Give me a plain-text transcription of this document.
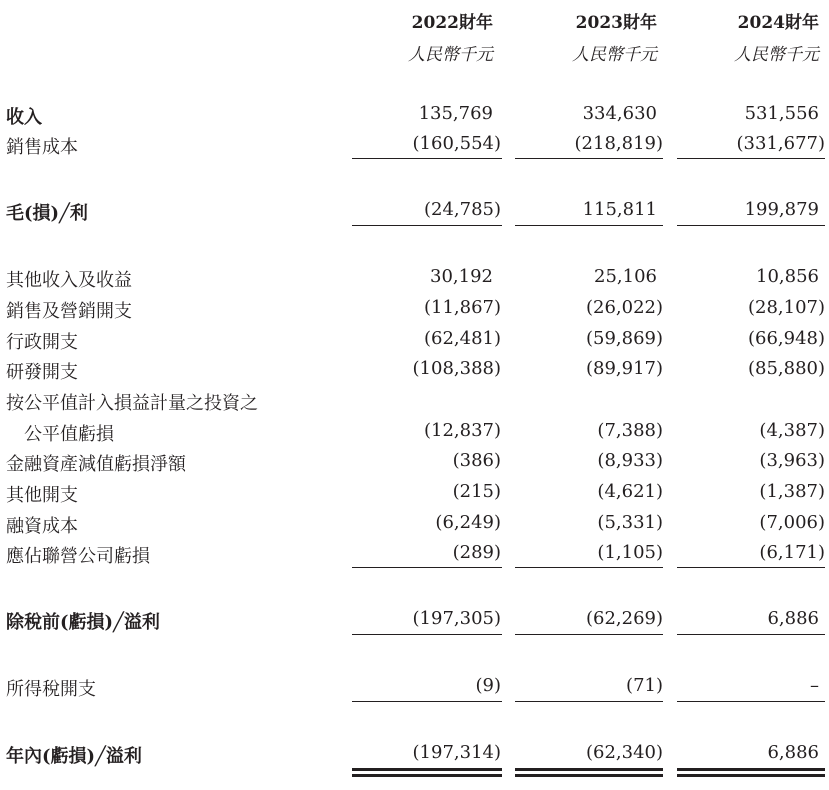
2022財年	2023財年	2024財年
人民幣千元	人民幣千元	人民幣千元
收入	135,769	334,630	531,556
銷售成本	(160,554)	(218,819)	(331,677)
毛(損)╱利	(24,785)	115,811	199,879
其他收入及收益	30,192	25,106	10,856
銷售及營銷開支	(11,867)	(26,022)	(28,107)
行政開支	(62,481)	(59,869)	(66,948)
研發開支	(108,388)	(89,917)	(85,880)
按公平值計入損益計量之投資之
公平值虧損	(12,837)	(7,388)	(4,387)
金融資產減值虧損淨額	(386)	(8,933)	(3,963)
其他開支	(215)	(4,621)	(1,387)
融資成本	(6,249)	(5,331)	(7,006)
應佔聯營公司虧損	(289)	(1,105)	(6,171)
除稅前(虧損)╱溢利	(197,305)	(62,269)	6,886
所得稅開支	(9)	(71)	–
年內(虧損)╱溢利	(197,314)	(62,340)	6,886
